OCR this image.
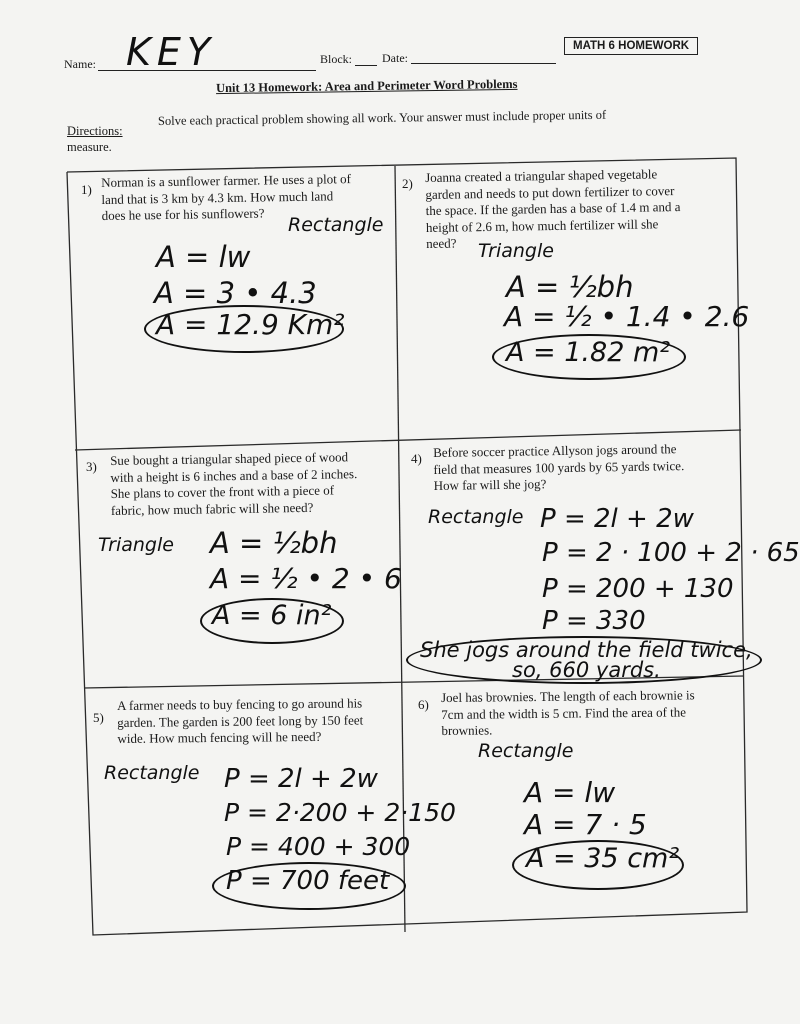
Name: KEY	Block:	Date:
MATH 6 HOMEWORK
Unit 13 Homework: Area and Perimeter Word Problems
Directions:
Solve each practical problem showing all work. Your answer must include proper units of
measure.
1) Norman is a sunflower farmer. He uses a plot of
land that is 3 km by 4.3 km. How much land
does he use for his sunflowers?	Rectangle
A = lw
A = 3 • 4.3
A = 12.9 Km²
2) Joanna created a triangular shaped vegetable
garden and needs to put down fertilizer to cover
the space. If the garden has a base of 1.4 m and a
height of 2.6 m, how much fertilizer will she
need?	Triangle
A = ½bh
A = ½ • 1.4 • 2.6
A = 1.82 m²
3) Sue bought a triangular shaped piece of wood
with a height is 6 inches and a base of 2 inches.
She plans to cover the front with a piece of
fabric, how much fabric will she need?
Triangle A = ½bh
A = ½ • 2 • 6
A = 6 in²
4) Before soccer practice Allyson jogs around the
field that measures 100 yards by 65 yards twice.
How far will she jog?
Rectangle P = 2l + 2w
P = 2 · 100 + 2 · 65
P = 200 + 130
P = 330
She jogs around the field twice,
so, 660 yards.
5)
A farmer needs to buy fencing to go around his
garden. The garden is 200 feet long by 150 feet
wide. How much fencing will he need?
Rectangle P = 2l + 2w
P = 2·200 + 2·150
P = 400 + 300
P = 700 feet
6) Joel has brownies. The length of each brownie is
7cm and the width is 5 cm. Find the area of the
brownies.
Rectangle
A = lw
A = 7 · 5
A = 35 cm²
